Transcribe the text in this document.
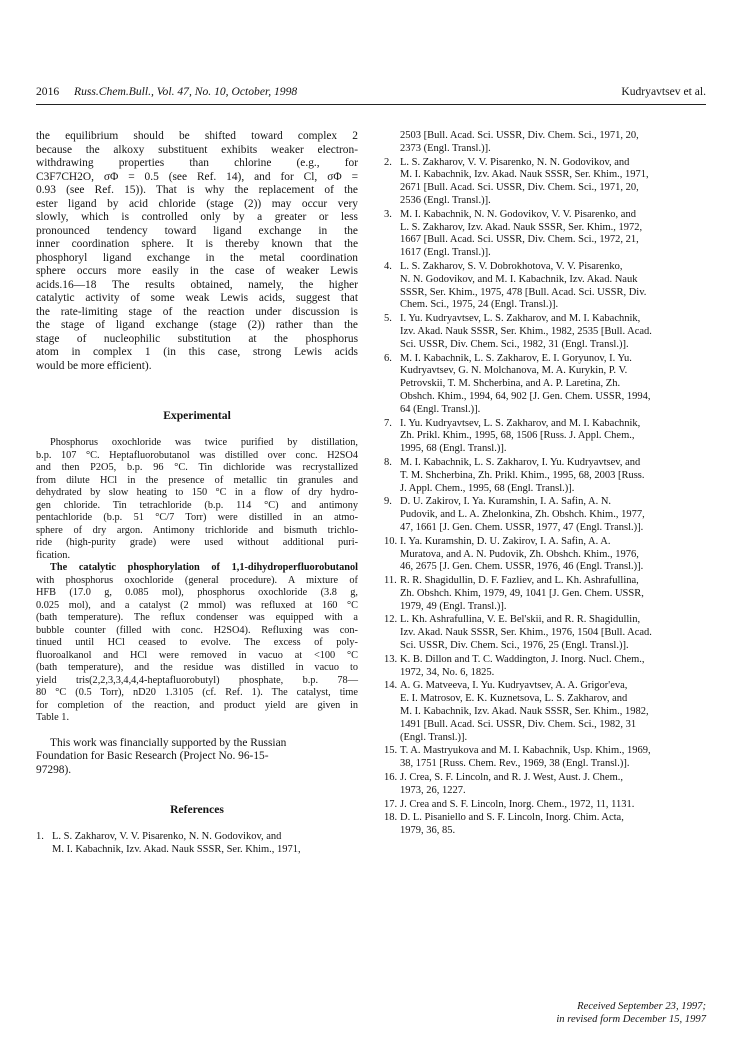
2016 Russ.Chem.Bull., Vol. 47, No. 10, October, 1998	Kudryavtsev et al.
the equilibrium should be shifted toward complex 2
because the alkoxy substituent exhibits weaker electron-
withdrawing properties than chlorine (e.g., for
C3F7CH2O, σΦ = 0.5 (see Ref. 14), and for Cl, σΦ =
0.93 (see Ref. 15)). That is why the replacement of the
ester ligand by acid chloride (stage (2)) may occur very
slowly, which is controlled only by a greater or less
pronounced tendency toward ligand exchange in the
inner coordination sphere. It is thereby known that the
phosphoryl ligand exchange in the metal coordination
sphere occurs more easily in the case of weaker Lewis
acids.16—18 The results obtained, namely, the higher
catalytic activity of some weak Lewis acids, suggest that
the rate-limiting stage of the reaction under discussion is
the stage of ligand exchange (stage (2)) rather than the
stage of nucleophilic substitution at the phosphorus
atom in complex 1 (in this case, strong Lewis acids
would be more efficient).
Experimental
Phosphorus oxochloride was twice purified by distillation,
b.p. 107 °C. Heptafluorobutanol was distilled over conc. H2SO4
and then P2O5, b.p. 96 °C. Tin dichloride was recrystallized
from dilute HCl in the presence of metallic tin granules and
dehydrated by slow heating to 150 °C in a flow of dry hydro-
gen chloride. Tin tetrachloride (b.p. 114 °C) and antimony
pentachloride (b.p. 51 °C/7 Torr) were distilled in an atmo-
sphere of dry argon. Antimony trichloride and bismuth trichlo-
ride (high-purity grade) were used without additional puri-
fication.
The catalytic phosphorylation of 1,1-dihydroperfluorobutanol
with phosphorus oxochloride (general procedure). A mixture of
HFB (17.0 g, 0.085 mol), phosphorus oxochloride (3.8 g,
0.025 mol), and a catalyst (2 mmol) was refluxed at 160 °C
(bath temperature). The reflux condenser was equipped with a
bubble counter (filled with conc. H2SO4). Refluxing was con-
tinued until HCl ceased to evolve. The excess of poly-
fluoroalkanol and HCl were removed in vacuo at <100 °C
(bath temperature), and the residue was distilled in vacuo to
yield tris(2,2,3,3,4,4,4-heptafluorobutyl) phosphate, b.p. 78—
80 °C (0.5 Torr), nD20 1.3105 (cf. Ref. 1). The catalyst, time
for completion of the reaction, and product yield are given in
Table 1.
This work was financially supported by the Russian
Foundation for Basic Research (Project No. 96-15-
97298).
References
1. L. S. Zakharov, V. V. Pisarenko, N. N. Godovikov, and
M. I. Kabachnik, Izv. Akad. Nauk SSSR, Ser. Khim., 1971,
2503 [Bull. Acad. Sci. USSR, Div. Chem. Sci., 1971, 20,
2373 (Engl. Transl.)].
2. L. S. Zakharov, V. V. Pisarenko, N. N. Godovikov, and
M. I. Kabachnik, Izv. Akad. Nauk SSSR, Ser. Khim., 1971,
2671 [Bull. Acad. Sci. USSR, Div. Chem. Sci., 1971, 20,
2536 (Engl. Transl.)].
3. M. I. Kabachnik, N. N. Godovikov, V. V. Pisarenko, and
L. S. Zakharov, Izv. Akad. Nauk SSSR, Ser. Khim., 1972,
1667 [Bull. Acad. Sci. USSR, Div. Chem. Sci., 1972, 21,
1617 (Engl. Transl.)].
4. L. S. Zakharov, S. V. Dobrokhotova, V. V. Pisarenko,
N. N. Godovikov, and M. I. Kabachnik, Izv. Akad. Nauk
SSSR, Ser. Khim., 1975, 478 [Bull. Acad. Sci. USSR, Div.
Chem. Sci., 1975, 24 (Engl. Transl.)].
5. I. Yu. Kudryavtsev, L. S. Zakharov, and M. I. Kabachnik,
Izv. Akad. Nauk SSSR, Ser. Khim., 1982, 2535 [Bull. Acad.
Sci. USSR, Div. Chem. Sci., 1982, 31 (Engl. Transl.)].
6. M. I. Kabachnik, L. S. Zakharov, E. I. Goryunov, I. Yu.
Kudryavtsev, G. N. Molchanova, M. A. Kurykin, P. V.
Petrovskii, T. M. Shcherbina, and A. P. Laretina, Zh.
Obshch. Khim., 1994, 64, 902 [J. Gen. Chem. USSR, 1994,
64 (Engl. Transl.)].
7. I. Yu. Kudryavtsev, L. S. Zakharov, and M. I. Kabachnik,
Zh. Prikl. Khim., 1995, 68, 1506 [Russ. J. Appl. Chem.,
1995, 68 (Engl. Transl.)].
8. M. I. Kabachnik, L. S. Zakharov, I. Yu. Kudryavtsev, and
T. M. Shcherbina, Zh. Prikl. Khim., 1995, 68, 2003 [Russ.
J. Appl. Chem., 1995, 68 (Engl. Transl.)].
9. D. U. Zakirov, I. Ya. Kuramshin, I. A. Safin, A. N.
Pudovik, and L. A. Zhelonkina, Zh. Obshch. Khim., 1977,
47, 1661 [J. Gen. Chem. USSR, 1977, 47 (Engl. Transl.)].
10. I. Ya. Kuramshin, D. U. Zakirov, I. A. Safin, A. A.
Muratova, and A. N. Pudovik, Zh. Obshch. Khim., 1976,
46, 2675 [J. Gen. Chem. USSR, 1976, 46 (Engl. Transl.)].
11. R. R. Shagidullin, D. F. Fazliev, and L. Kh. Ashrafullina,
Zh. Obshch. Khim, 1979, 49, 1041 [J. Gen. Chem. USSR,
1979, 49 (Engl. Transl.)].
12. L. Kh. Ashrafullina, V. E. Bel'skii, and R. R. Shagidullin,
Izv. Akad. Nauk SSSR, Ser. Khim., 1976, 1504 [Bull. Acad.
Sci. USSR, Div. Chem. Sci., 1976, 25 (Engl. Transl.)].
13. K. B. Dillon and T. C. Waddington, J. Inorg. Nucl. Chem.,
1972, 34, No. 6, 1825.
14. A. G. Matveeva, I. Yu. Kudryavtsev, A. A. Grigor'eva,
E. I. Matrosov, E. K. Kuznetsova, L. S. Zakharov, and
M. I. Kabachnik, Izv. Akad. Nauk SSSR, Ser. Khim., 1982,
1491 [Bull. Acad. Sci. USSR, Div. Chem. Sci., 1982, 31
(Engl. Transl.)].
15. T. A. Mastryukova and M. I. Kabachnik, Usp. Khim., 1969,
38, 1751 [Russ. Chem. Rev., 1969, 38 (Engl. Transl.)].
16. J. Crea, S. F. Lincoln, and R. J. West, Aust. J. Chem.,
1973, 26, 1227.
17. J. Crea and S. F. Lincoln, Inorg. Chem., 1972, 11, 1131.
18. D. L. Pisaniello and S. F. Lincoln, Inorg. Chim. Acta,
1979, 36, 85.
Received September 23, 1997;
in revised form December 15, 1997
